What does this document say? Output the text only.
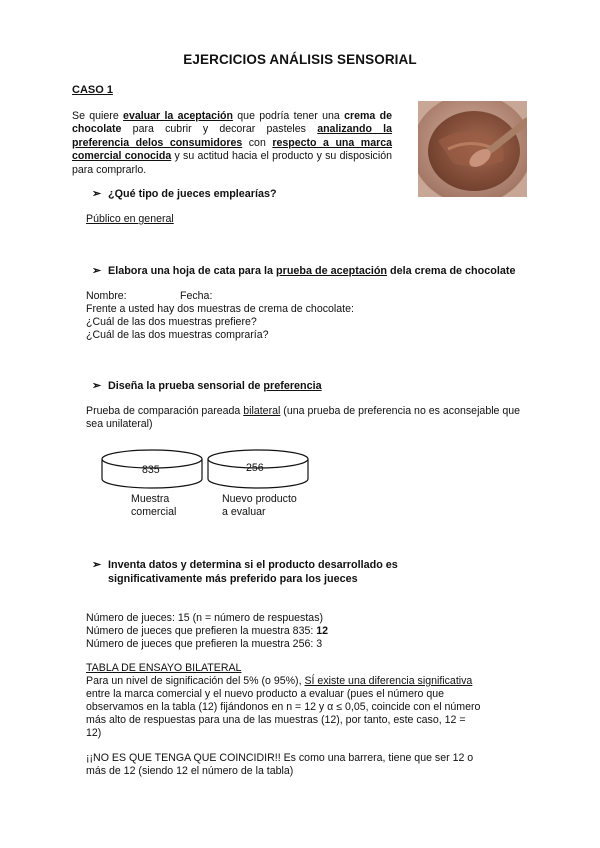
EJERCICIOS ANÁLISIS SENSORIAL
CASO 1
Se quiere evaluar la aceptación que podría tener una crema de chocolate para cubrir y decorar pasteles analizando la preferencia delos consumidores con respecto a una marca comercial conocida y su actitud hacia el producto y su disposición para comprarlo.
➢ ¿Qué tipo de jueces emplearías?
Público en general
➢ Elabora una hoja de cata para la prueba de aceptación dela crema de chocolate
Nombre:	Fecha:
Frente a usted hay dos muestras de crema de chocolate:
¿Cuál de las dos muestras prefiere?
¿Cuál de las dos muestras compraría?
➢ Diseña la prueba sensorial de preferencia
Prueba de comparación pareada bilateral (una prueba de preferencia no es aconsejable que
sea unilateral)
835	256
Muestra
comercial
Nuevo producto
a evaluar
➢ Inventa datos y determina si el producto desarrollado es
significativamente más preferido para los jueces
Número de jueces: 15 (n = número de respuestas)
Número de jueces que prefieren la muestra 835: 12
Número de jueces que prefieren la muestra 256: 3
TABLA DE ENSAYO BILATERAL
Para un nivel de significación del 5% (o 95%), SÍ existe una diferencia significativa
entre la marca comercial y el nuevo producto a evaluar (pues el número que
observamos en la tabla (12) fijándonos en n = 12 y α ≤ 0,05, coincide con el número
más alto de respuestas para una de las muestras (12), por tanto, este caso, 12 =
12)
¡¡NO ES QUE TENGA QUE COINCIDIR!! Es como una barrera, tiene que ser 12 o
más de 12 (siendo 12 el número de la tabla)
